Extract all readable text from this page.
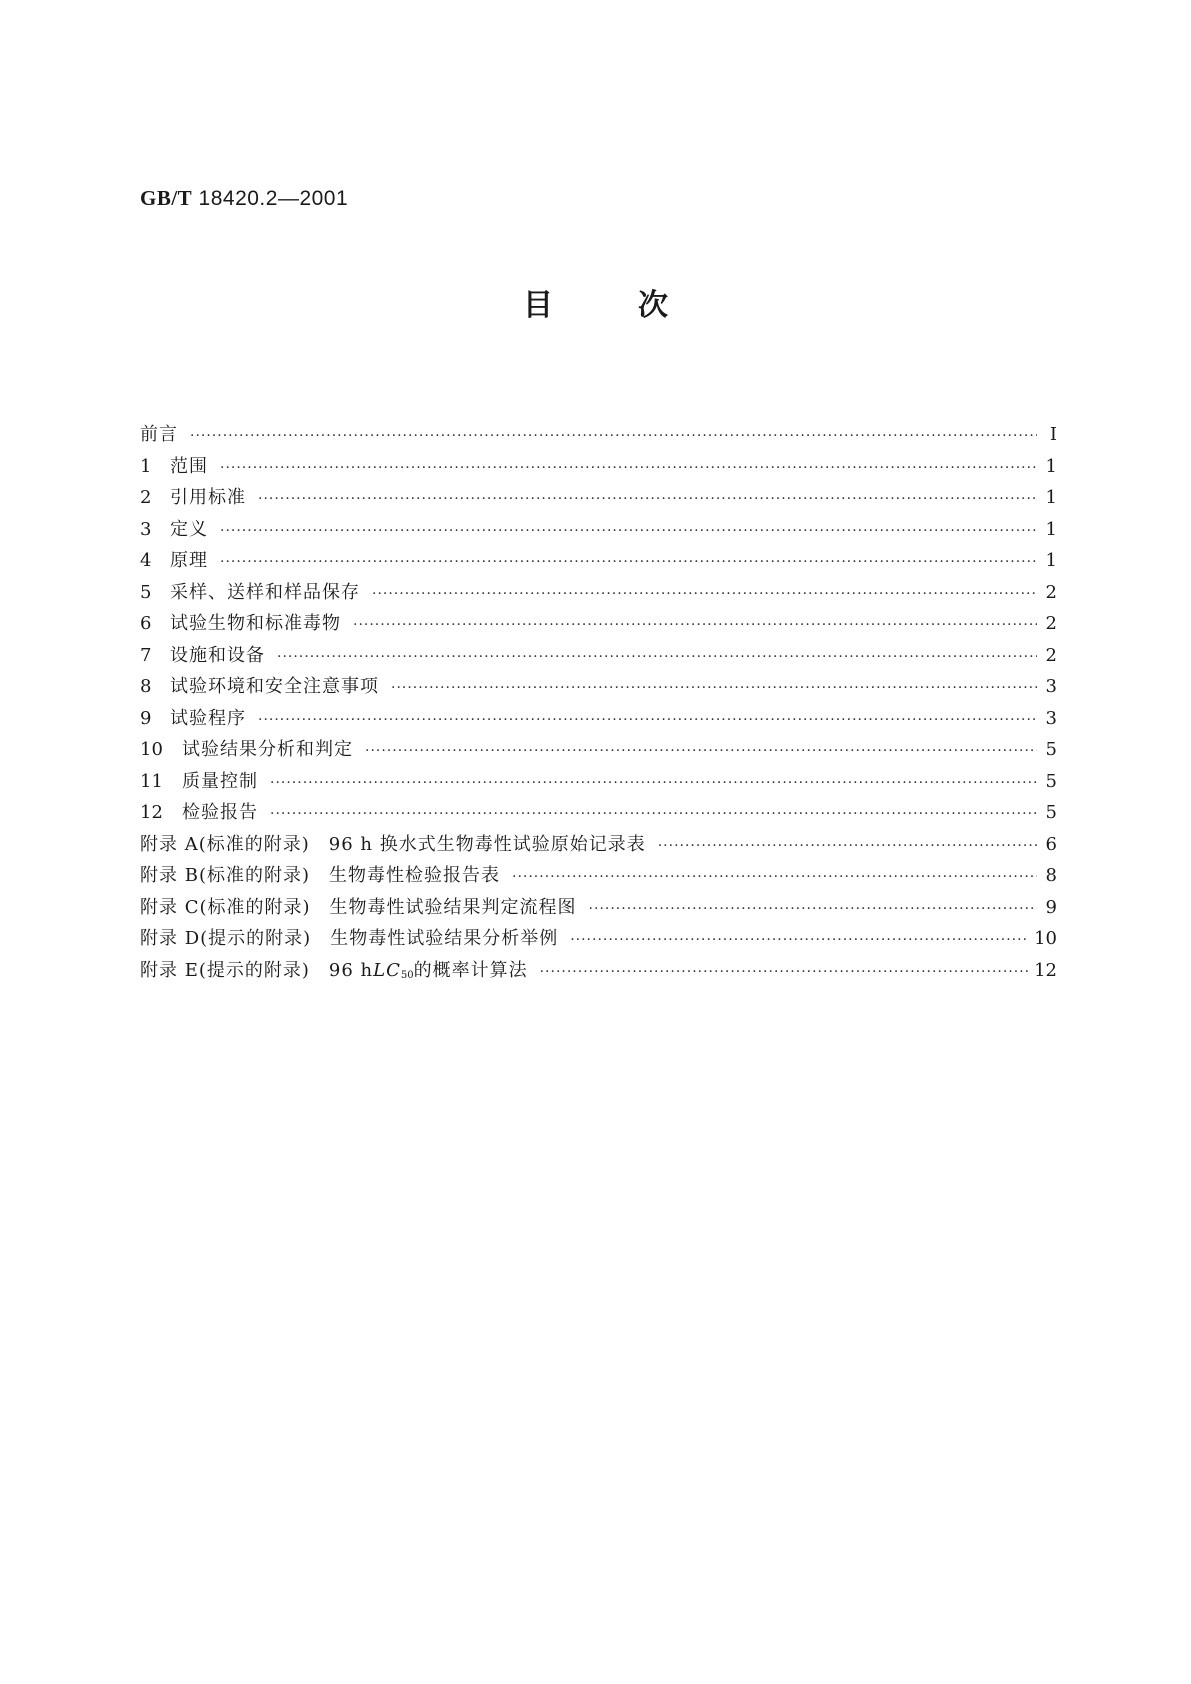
GB/T 18420.2—2001
目	次
前言 ·····	Ⅰ
1	范围 ·····	1
2	引用标准 ·····	1
3	定义 ·····	1
4	原理 ·····	1
5	采样、送样和样品保存 ·····	2
6	试验生物和标准毒物 ·····	2
7	设施和设备 ·····	2
8	试验环境和安全注意事项 ·····	3
9	试验程序 ·····	3
10	试验结果分析和判定 ·····	5
11	质量控制 ·····	5
12	检验报告 ·····	5
附录 A(标准的附录)　96 h 换水式生物毒性试验原始记录表 ·····	6
附录 B(标准的附录)　生物毒性检验报告表 ·····	8
附录 C(标准的附录)　生物毒性试验结果判定流程图 ·····	9
附录 D(提示的附录)　生物毒性试验结果分析举例 ·····	10
附录 E(提示的附录)　96 hLC$_{50}$的概率计算法 ·····	12
